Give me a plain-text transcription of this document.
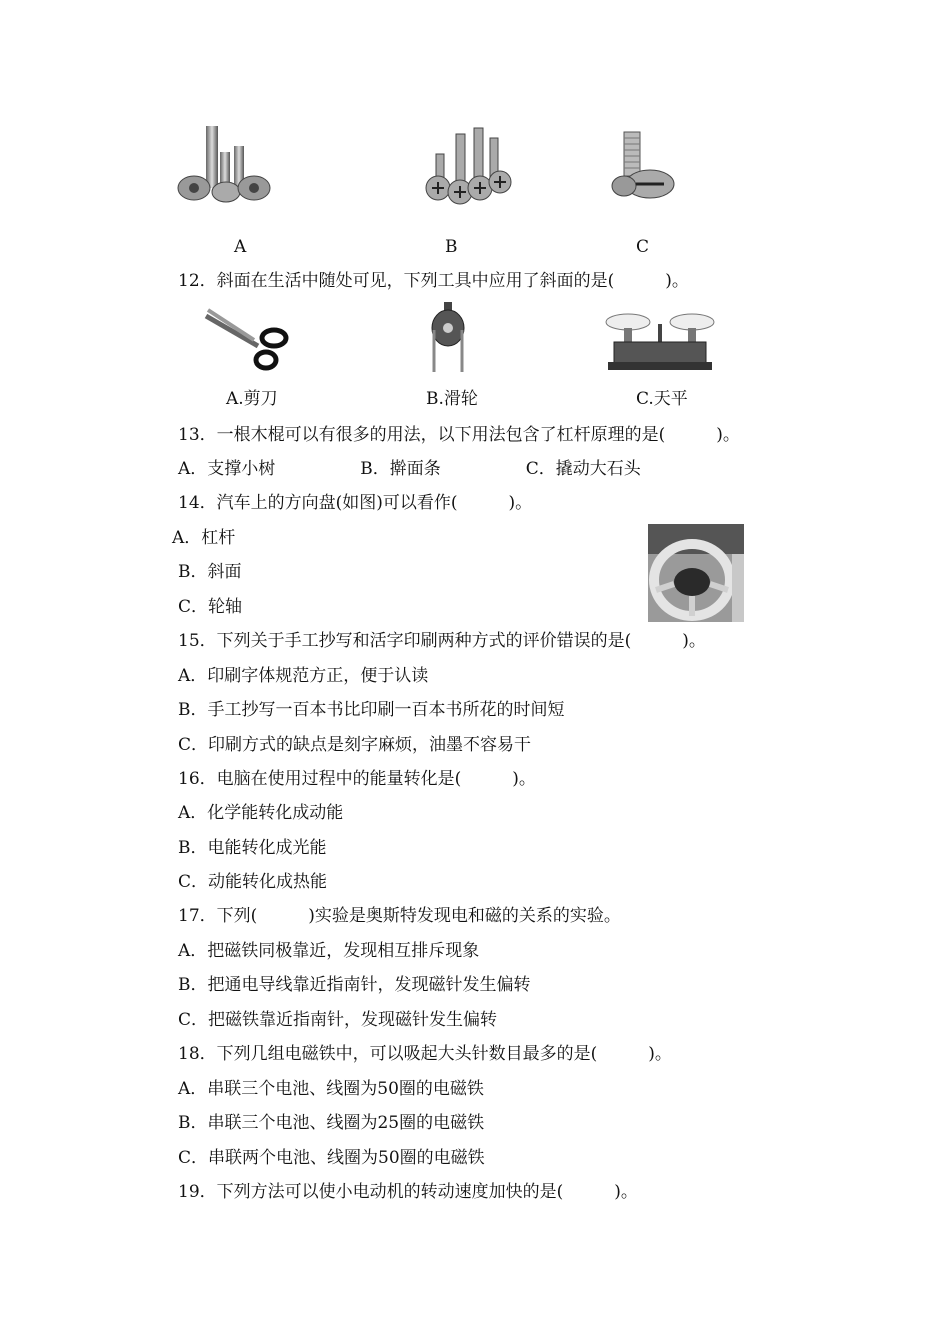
A	B	C
12．斜面在生活中随处可见，下列工具中应用了斜面的是(　　　)。
A.剪刀	B.滑轮	C.天平
13．一根木棍可以有很多的用法，以下用法包含了杠杆原理的是(　　　)。
A．支撑小树　　　　　B．擀面条　　　　　C．撬动大石头
14．汽车上的方向盘(如图)可以看作(　　　)。
A．杠杆
B．斜面
C．轮轴
15．下列关于手工抄写和活字印刷两种方式的评价错误的是(　　　)。
A．印刷字体规范方正，便于认读
B．手工抄写一百本书比印刷一百本书所花的时间短
C．印刷方式的缺点是刻字麻烦，油墨不容易干
16．电脑在使用过程中的能量转化是(　　　)。
A．化学能转化成动能
B．电能转化成光能
C．动能转化成热能
17．下列(　　　)实验是奥斯特发现电和磁的关系的实验。
A．把磁铁同极靠近，发现相互排斥现象
B．把通电导线靠近指南针，发现磁针发生偏转
C．把磁铁靠近指南针，发现磁针发生偏转
18．下列几组电磁铁中，可以吸起大头针数目最多的是(　　　)。
A．串联三个电池、线圈为50圈的电磁铁
B．串联三个电池、线圈为25圈的电磁铁
C．串联两个电池、线圈为50圈的电磁铁
19．下列方法可以使小电动机的转动速度加快的是(　　　)。
